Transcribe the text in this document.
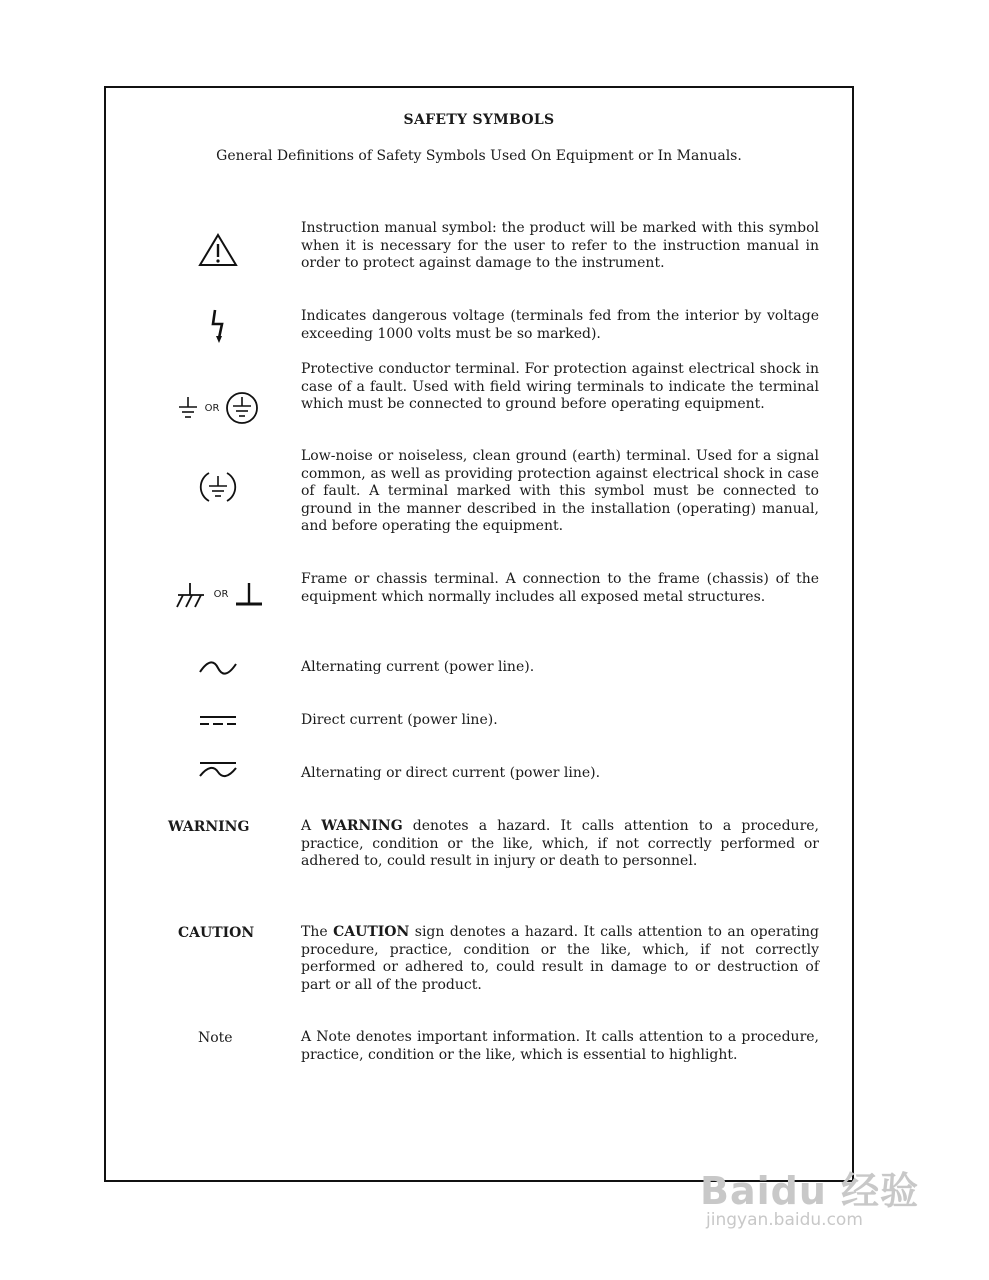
SAFETY SYMBOLS
General Definitions of Safety Symbols Used On Equipment or In Manuals.
Instruction manual symbol: the product will be marked with this symbol when it is necessary for the user to refer to the instruction manual in order to protect against damage to the instrument.
Indicates dangerous voltage (terminals fed from the interior by voltage exceeding 1000 volts must be so marked).
OR
Protective conductor terminal. For protection against electrical shock in case of a fault. Used with field wiring terminals to indicate the terminal which must be connected to ground before operating equipment.
Low-noise or noiseless, clean ground (earth) terminal. Used for a signal common, as well as providing protection against electrical shock in case of fault. A terminal marked with this symbol must be connected to ground in the manner described in the installation (operating) manual, and before operating the equipment.
OR
Frame or chassis terminal. A connection to the frame (chassis) of the equipment which normally includes all exposed metal structures.
Alternating current (power line).
Direct current (power line).
Alternating or direct current (power line).
WARNING	A WARNING denotes a hazard. It calls attention to a procedure, practice, condition or the like, which, if not correctly performed or adhered to, could result in injury or death to personnel.
CAUTION	The CAUTION sign denotes a hazard. It calls attention to an operating procedure, practice, condition or the like, which, if not correctly performed or adhered to, could result in damage to or destruction of part or all of the product.
Note	A Note denotes important information. It calls attention to a procedure, practice, condition or the like, which is essential to highlight.
Baidu 经验
jingyan.baidu.com
